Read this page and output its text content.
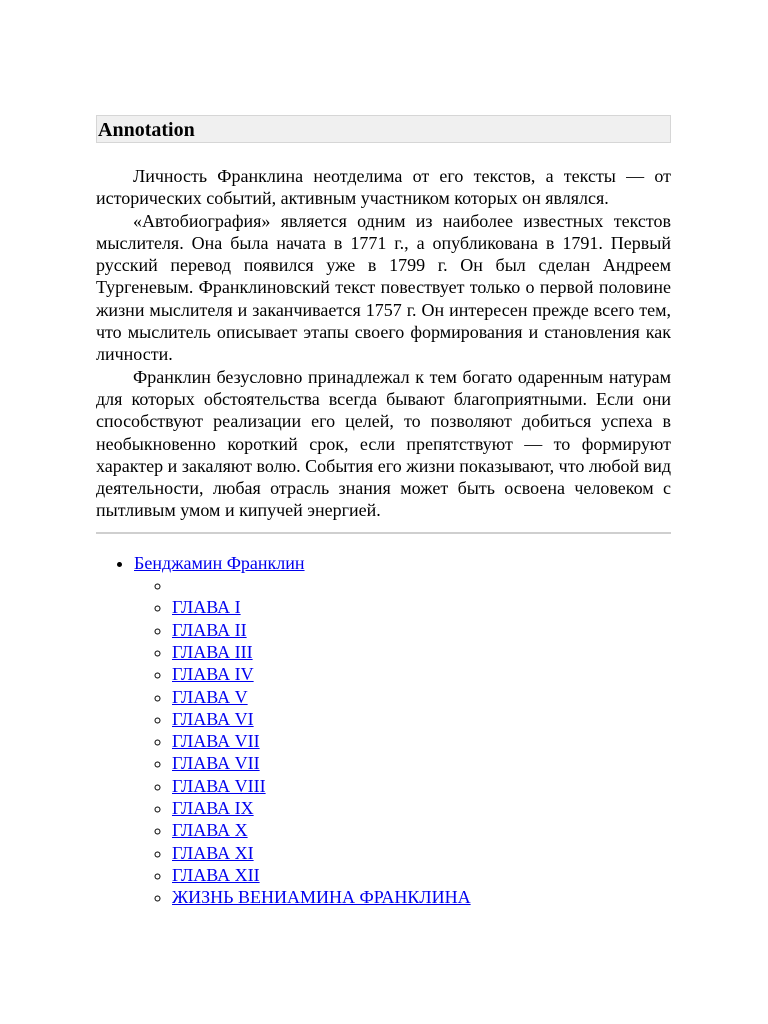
Annotation

Личность Франклина неотделима от его текстов, а тексты — от исторических событий, активным участником которых он являлся.

«Автобиография» является одним из наиболее известных текстов мыслителя. Она была начата в 1771 г., а опубликована в 1791. Первый русский перевод появился уже в 1799 г. Он был сделан Андреем Тургеневым. Франклиновский текст повествует только о первой половине жизни мыслителя и заканчивается 1757 г. Он интересен прежде всего тем, что мыслитель описывает этапы своего формирования и становления как личности.

Франклин безусловно принадлежал к тем богато одаренным натурам для которых обстоятельства всегда бывают благоприятными. Если они способствуют реализации его целей, то позволяют добиться успеха в необыкновенно короткий срок, если препятствуют — то формируют характер и закаляют волю. События его жизни показывают, что любой вид деятельности, любая отрасль знания может быть освоена человеком с пытливым умом и кипучей энергией.

• Бенджамин Франклин
◦
◦ ГЛАВА I
◦ ГЛАВА II
◦ ГЛАВА III
◦ ГЛАВА IV
◦ ГЛАВА V
◦ ГЛАВА VI
◦ ГЛАВА VII
◦ ГЛАВА VII
◦ ГЛАВА VIII
◦ ГЛАВА IX
◦ ГЛАВА X
◦ ГЛАВА XI
◦ ГЛАВА XII
◦ ЖИЗНЬ ВЕНИАМИНА ФРАНКЛИНА
